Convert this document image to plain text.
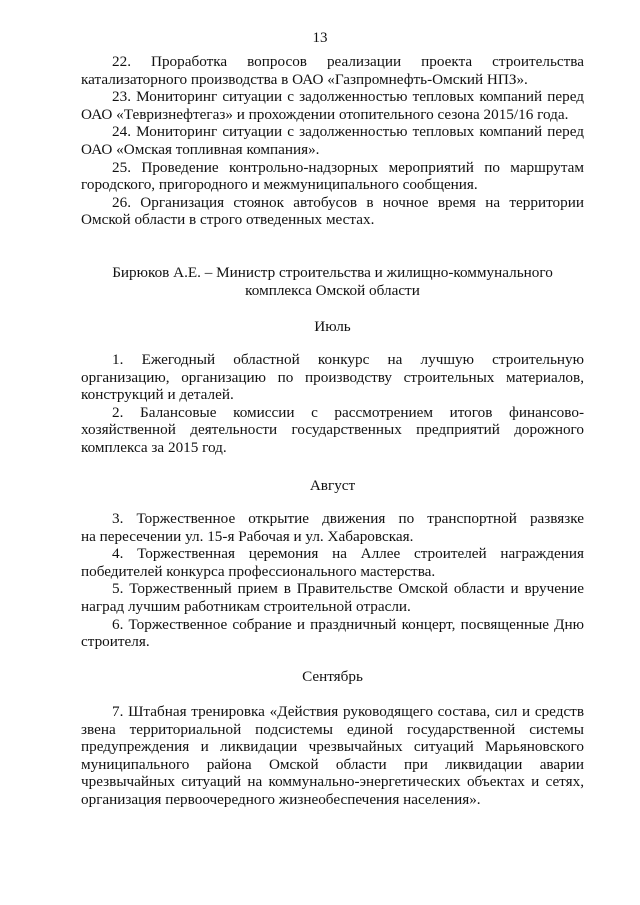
13
22. Проработка вопросов реализации проекта строительства
катализаторного производства в ОАО «Газпромнефть-Омский НПЗ».
23. Мониторинг ситуации с задолженностью тепловых компаний перед
ОАО «Тевризнефтегаз» и прохождении отопительного сезона 2015/16 года.
24. Мониторинг ситуации с задолженностью тепловых компаний перед
ОАО «Омская топливная компания».
25. Проведение контрольно-надзорных мероприятий по маршрутам
городского, пригородного и межмуниципального сообщения.
26. Организация стоянок автобусов в ночное время на территории
Омской области в строго отведенных местах.

Бирюков А.Е. – Министр строительства и жилищно-коммунального

комплекса Омской области

Июль

1. Ежегодный областной конкурс на лучшую строительную
организацию, организацию по производству строительных материалов,
конструкций и деталей.
2. Балансовые комиссии с рассмотрением итогов финансово-
хозяйственной деятельности государственных предприятий дорожного
комплекса за 2015 год.

Август

3. Торжественное открытие движения по транспортной развязке
на пересечении ул. 15-я Рабочая и ул. Хабаровская.
4. Торжественная церемония на Аллее строителей награждения
победителей конкурса профессионального мастерства.
5. Торжественный прием в Правительстве Омской области и вручение
наград лучшим работникам строительной отрасли.
6. Торжественное собрание и праздничный концерт, посвященные Дню
строителя.

Сентябрь

7. Штабная тренировка «Действия руководящего состава, сил и средств
звена территориальной подсистемы единой государственной системы
предупреждения и ликвидации чрезвычайных ситуаций Марьяновского
муниципального района Омской области при ликвидации аварии
чрезвычайных ситуаций на коммунально-энергетических объектах и сетях,
организация первоочередного жизнеобеспечения населения».
